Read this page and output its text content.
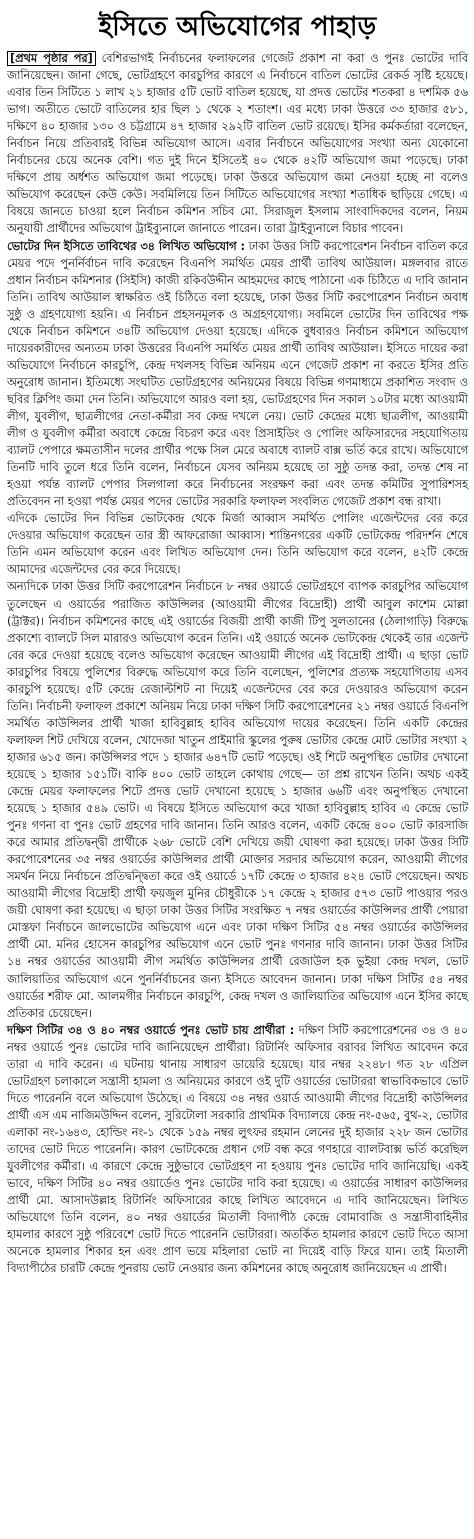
ইসিতে অভিযোগের পাহাড়

[প্রথম পৃষ্ঠার পর] বেশিরভাগই নির্বাচনের ফলাফলের গেজেট প্রকাশ না করা ও পুনঃ ভোটের দাবি জানিয়েছেন। জানা গেছে, ভোটগ্রহণে কারচুপির কারণে এ নির্বাচনে বাতিল ভোটের রেকর্ড সৃষ্টি হয়েছে। এবার তিন সিটিতে ১ লাখ ২১ হাজার ৫টি ভোট বাতিল হয়েছে, যা প্রদত্ত ভোটের শতকরা ৪ দশমিক ৫৬ ভাগ। অতীতে ভোটে বাতিলের হার ছিল ১ থেকে ২ শতাংশ। এর মধ্যে ঢাকা উত্তরে ৩৩ হাজার ৫৮১, দক্ষিণে ৪০ হাজার ১৩০ ও চট্টগ্রামে ৪৭ হাজার ২৯২টি বাতিল ভোট রয়েছে। ইসির কর্মকর্তারা বলেছেন, নির্বাচন নিয়ে প্রতিবারই বিভিন্ন অভিযোগ আসে। এবার নির্বাচনে অভিযোগের সংখ্যা অন্য যেকোনো নির্বাচনের চেয়ে অনেক বেশি। গত দুই দিনে ইসিতেই ৪০ থেকে ৪২টি অভিযোগ জমা পড়েছে। ঢাকা দক্ষিণে প্রায় অর্ধশত অভিযোগ জমা পড়েছে। ঢাকা উত্তরে অভিযোগ জমা নেওয়া হচ্ছে না বলেও অভিযোগ করেছেন কেউ কেউ। সবমিলিয়ে তিন সিটিতে অভিযোগের সংখ্যা শতাধিক ছাড়িয়ে গেছে। এ বিষয়ে জানতে চাওয়া হলে নির্বাচন কমিশন সচিব মো. সিরাজুল ইসলাম সাংবাদিকদের বলেন, নিয়ম অনুযায়ী প্রার্থীদের অভিযোগ ট্রাইব্যুনালে জানাতে পারেন। তারা ট্রাইব্যুনালে বিচার পাবেন।

ভোটের দিন ইসিতে তাবিথের ৩৪ লিখিত অভিযোগ : ঢাকা উত্তর সিটি করপোরেশন নির্বাচন বাতিল করে মেয়র পদে পুনর্নির্বাচন দাবি করেছেন বিএনপি সমর্থিত মেয়র প্রার্থী তাবিথ আউয়াল। মঙ্গলবার রাতে প্রধান নির্বাচন কমিশনার (সিইসি) কাজী রকিবউদ্দীন আহমদের কাছে পাঠানো এক চিঠিতে এ দাবি জানান তিনি। তাবিথ আউয়াল স্বাক্ষরিত ওই চিঠিতে বলা হয়েছে, ঢাকা উত্তর সিটি করপোরেশন নির্বাচন অবাধ সুষ্ঠু ও গ্রহণযোগ্য হয়নি। এ নির্বাচন প্রহসনমূলক ও অগ্রহণযোগ্য। সবমিলে ভোটের দিন তাবিথের পক্ষ থেকে নির্বাচন কমিশনে ৩৪টি অভিযোগ দেওয়া হয়েছে। এদিকে বুধবারও নির্বাচন কমিশনে অভিযোগ দায়েরকারীদের অন্যতম ঢাকা উত্তরের বিএনপি সমর্থিত মেয়র প্রার্থী তাবিথ আউয়াল। ইসিতে দায়ের করা অভিযোগে নির্বাচনে কারচুপি, কেন্দ্র দখলসহ বিভিন্ন অনিয়ম এনে গেজেট প্রকাশ না করতে ইসির প্রতি অনুরোধ জানান। ইতিমধ্যে সংঘটিত ভোটগ্রহণের অনিয়মের বিষয়ে বিভিন্ন গণমাধ্যমে প্রকাশিত সংবাদ ও ছবির ক্লিপিং জমা দেন তিনি। অভিযোগে আরও বলা হয়, ভোটগ্রহণের দিন সকাল ১০টার মধ্যে আওয়ামী লীগ, যুবলীগ, ছাত্রলীগের নেতা-কর্মীরা সব কেন্দ্র দখলে নেয়। ভোট কেন্দ্রের মধ্যে ছাত্রলীগ, আওয়ামী লীগ ও যুবলীগ কর্মীরা অবাধে কেন্দ্রে বিচরণ করে এবং প্রিসাইডিং ও পোলিং অফিসারদের সহযোগিতায় ব্যালট পেপারে ক্ষমতাসীন দলের প্রার্থীর পক্ষে সিল মেরে অবাধে ব্যালট বাক্স ভর্তি করে রাখে। অভিযোগে তিনটি দাবি তুলে ধরে তিনি বলেন, নির্বাচনে যেসব অনিয়ম হয়েছে তা সুষ্ঠু তদন্ত করা, তদন্ত শেষ না হওয়া পর্যন্ত ব্যালট পেপার সিলগালা করে নির্বাচনের সংরক্ষণ করা এবং তদন্ত কমিটির সুপারিশসহ প্রতিবেদন না হওয়া পর্যন্ত মেয়র পদের ভোটের সরকারি ফলাফল সংবলিত গেজেট প্রকাশ বন্ধ রাখা।

এদিকে ভোটের দিন বিভিন্ন ভোটকেন্দ্র থেকে মির্জা আব্বাস সমর্থিত পোলিং এজেন্টদের বের করে দেওয়ার অভিযোগ করেছেন তার স্ত্রী আফরোজা আব্বাস। শান্তিনগরের একটি ভোটকেন্দ্র পরিদর্শন শেষে তিনি এমন অভিযোগ করেন এবং লিখিত অভিযোগ দেন। তিনি অভিযোগ করে বলেন, ৪২টি কেন্দ্রে আমাদের এজেন্টদের বের করে দিয়েছে।

অন্যদিকে ঢাকা উত্তর সিটি করপোরেশন নির্বাচনে ৮ নম্বর ওয়ার্ডে ভোটগ্রহণে ব্যাপক কারচুপির অভিযোগ তুলেছেন এ ওয়ার্ডের পরাজিত কাউন্সিলর (আওয়ামী লীগের বিদ্রোহী) প্রার্থী আবুল কাশেম মোল্লা (ট্রাক্টর)। নির্বাচন কমিশনের কাছে এই ওয়ার্ডের বিজয়ী প্রার্থী কাজী টিপু সুলতানের (ঠেলাগাড়ি) বিরুদ্ধে প্রকাশ্যে ব্যালটে সিল মারারও অভিযোগ করেন তিনি। এই ওয়ার্ডে অনেক ভোটকেন্দ্র থেকেই তার এজেন্ট বের করে দেওয়া হয়েছে বলেও অভিযোগ করেছেন আওয়ামী লীগের এই বিদ্রোহী প্রার্থী। এ ছাড়া ভোট কারচুপির বিষয়ে পুলিশের বিরুদ্ধে অভিযোগ করে তিনি বলেছেন, পুলিশের প্রত্যক্ষ সহযোগিতায় এসব কারচুপি হয়েছে। ৫টি কেন্দ্রে রেজাল্টশিট না দিয়েই এজেন্টদের বের করে দেওয়ারও অভিযোগ করেন তিনি। নির্বাচনী ফলাফল প্রকাশে অনিয়ম নিয়ে ঢাকা দক্ষিণ সিটি করপোরেশনের ২১ নম্বর ওয়ার্ডে বিএনপি সমর্থিত কাউন্সিলর প্রার্থী খাজা হাবিবুল্লাহ হাবিব অভিযোগ দায়ের করেছেন। তিনি একটি কেন্দ্রের ফলাফল শিট দেখিয়ে বলেন, খোদেজা খাতুন প্রাইমারি স্কুলের পুরুষ ভোটার কেন্দ্রে মোট ভোটার সংখ্যা ২ হাজার ৬১৫ জন। কাউন্সিলর পদে ১ হাজার ৬৪৭টি ভোট পড়েছে। ওই শিটে অনুপস্থিত ভোটার দেখানো হয়েছে ১ হাজার ১৫১টি। বাকি ৪০০ ভোট তাহলে কোথায় গেছে— তা প্রশ্ন রাখেন তিনি। অথচ একই কেন্দ্রে মেয়র ফলাফলের শিটে প্রদত্ত ভোট দেখানো হয়েছে ১ হাজার ৬৬টি এবং অনুপস্থিত দেখানো হয়েছে ১ হাজার ৫৪৯ ভোট। এ বিষয়ে ইসিতে অভিযোগ করে খাজা হাবিবুল্লাহ হাবিব এ কেন্দ্রে ভোট পুনঃ গণনা বা পুনঃ ভোট গ্রহণের দাবি জানান। তিনি আরও বলেন, একটি কেন্দ্রে ৪০০ ভোট কারসাজি করে আমার প্রতিদ্বন্দ্বী প্রার্থীকে ২৬৮ ভোটে বেশি দেখিয়ে জয়ী ঘোষণা করা হয়েছে। ঢাকা উত্তর সিটি করপোরেশনের ৩৫ নম্বর ওয়ার্ডের কাউন্সিলর প্রার্থী মোক্তার সরদার অভিযোগ করেন, আওয়ামী লীগের সমর্থন নিয়ে নির্বাচনে প্রতিদ্বন্দ্বিতা করে ওই ওয়ার্ডে ১৭টি কেন্দ্রে ৩ হাজার ৪২৪ ভোট পেয়েছেন। অথচ আওয়ামী লীগের বিদ্রোহী প্রার্থী ফয়জুল মুনির চৌধুরীকে ১৭ কেন্দ্রে ২ হাজার ৫৭৩ ভোট পাওয়ার পরও জয়ী ঘোষণা করা হয়েছে। এ ছাড়া ঢাকা উত্তর সিটির সংরক্ষিত ৭ নম্বর ওয়ার্ডের কাউন্সিলর প্রার্থী পেয়ারা মোস্তফা নির্বাচনে জালভোটের অভিযোগ এনে এবং ঢাকা দক্ষিণ সিটির ৫৪ নম্বর ওয়ার্ডের কাউন্সিলর প্রার্থী মো. মনির হোসেন কারচুপির অভিযোগ এনে ভোট পুনঃ গণনার দাবি জানান। ঢাকা উত্তর সিটির ১৪ নম্বর ওয়ার্ডের আওয়ামী লীগ সমর্থিত কাউন্সিলর প্রার্থী রেজাউল হক ভুইয়া কেন্দ্র দখল, ভোট জালিয়াতির অভিযোগ এনে পুনর্নির্বাচনের জন্য ইসিতে আবেদন জানান। ঢাকা দক্ষিণ সিটির ৫৪ নম্বর ওয়ার্ডের শরীফ মো. আলমগীর নির্বাচনে কারচুপি, কেন্দ্র দখল ও জালিয়াতির অভিযোগ এনে ইসির কাছে প্রতিকার চেয়েছেন।

দক্ষিণ সিটির ৩৪ ও ৪০ নম্বর ওয়ার্ডে পুনঃ ভোট চায় প্রার্থীরা : দক্ষিণ সিটি করপোরেশনের ৩৪ ও ৪০ নম্বর ওয়ার্ডে পুনঃ ভোটের দাবি জানিয়েছেন প্রার্থীরা। রিটার্নিং অফিসার বরাবর লিখিত আবেদন করে তারা এ দাবি করেন। এ ঘটনায় থানায় সাধারণ ডায়েরি হয়েছে। যার নম্বর ২২৪৮। গত ২৮ এপ্রিল ভোটগ্রহণ চলাকালে সন্ত্রাসী হামলা ও অনিয়মের কারণে ওই দুটি ওয়ার্ডের ভোটাররা স্বাভাবিকভাবে ভোট দিতে পারেননি বলে অভিযোগ উঠেছে। এ বিষয়ে ৩৪ নম্বর ওয়ার্ড আওয়ামী লীগের বিদ্রোহী কাউন্সিলর প্রার্থী এস এম নাজিমউদ্দিন বলেন, সুরিটোলা সরকারি প্রাথমিক বিদ্যালয়ে কেন্দ্র নং-৫৬৫, বুথ-২, ভোটার এলাকা নং-১৬৪৩, হোল্ডিং নং-১ থেকে ১৫৯ নম্বর লুৎফর রহমান লেনের দুই হাজার ২২৮ জন ভোটার তাদের ভোট দিতে পারেননি। কারণ ভোটকেন্দ্রে প্রধান গেট বন্ধ করে গণহারে ব্যালটবাক্স ভর্তি করেছিল যুবলীগের কর্মীরা। এ কারণে কেন্দ্রে সুষ্ঠুভাবে ভোটগ্রহণ না হওয়ায় পুনঃ ভোটের দাবি জানিয়েছি। একই ভাবে, দক্ষিণ সিটির ৪০ নম্বর ওয়ার্ডেও পুনঃ ভোটের দাবি করা হয়েছে। এ ওয়ার্ডের সাধারণ কাউন্সিলর প্রার্থী মো. আসাদউল্লাহ রিটার্নিং অফিসারের কাছে লিখিত আবেদনে এ দাবি জানিয়েছেন। লিখিত অভিযোগে তিনি বলেন, ৪০ নম্বর ওয়ার্ডের মিতালী বিদ্যাপীঠ কেন্দ্রে বোমাবাজি ও সন্ত্রাসীবাহিনীর হামলার কারণে সুষ্ঠু পরিবেশে ভোট দিতে পারেননি ভোটাররা। অতর্কিত হামলার কারণে ভোট দিতে আসা অনেকে হামলার শিকার হন এবং প্রাণ ভয়ে মহিলারা ভোট না দিয়েই বাড়ি ফিরে যান। তাই মিতালী বিদ্যাপীঠের চারটি কেন্দ্রে পুনরায় ভোট নেওয়ার জন্য কমিশনের কাছে অনুরোধ জানিয়েছেন এ প্রার্থী।
